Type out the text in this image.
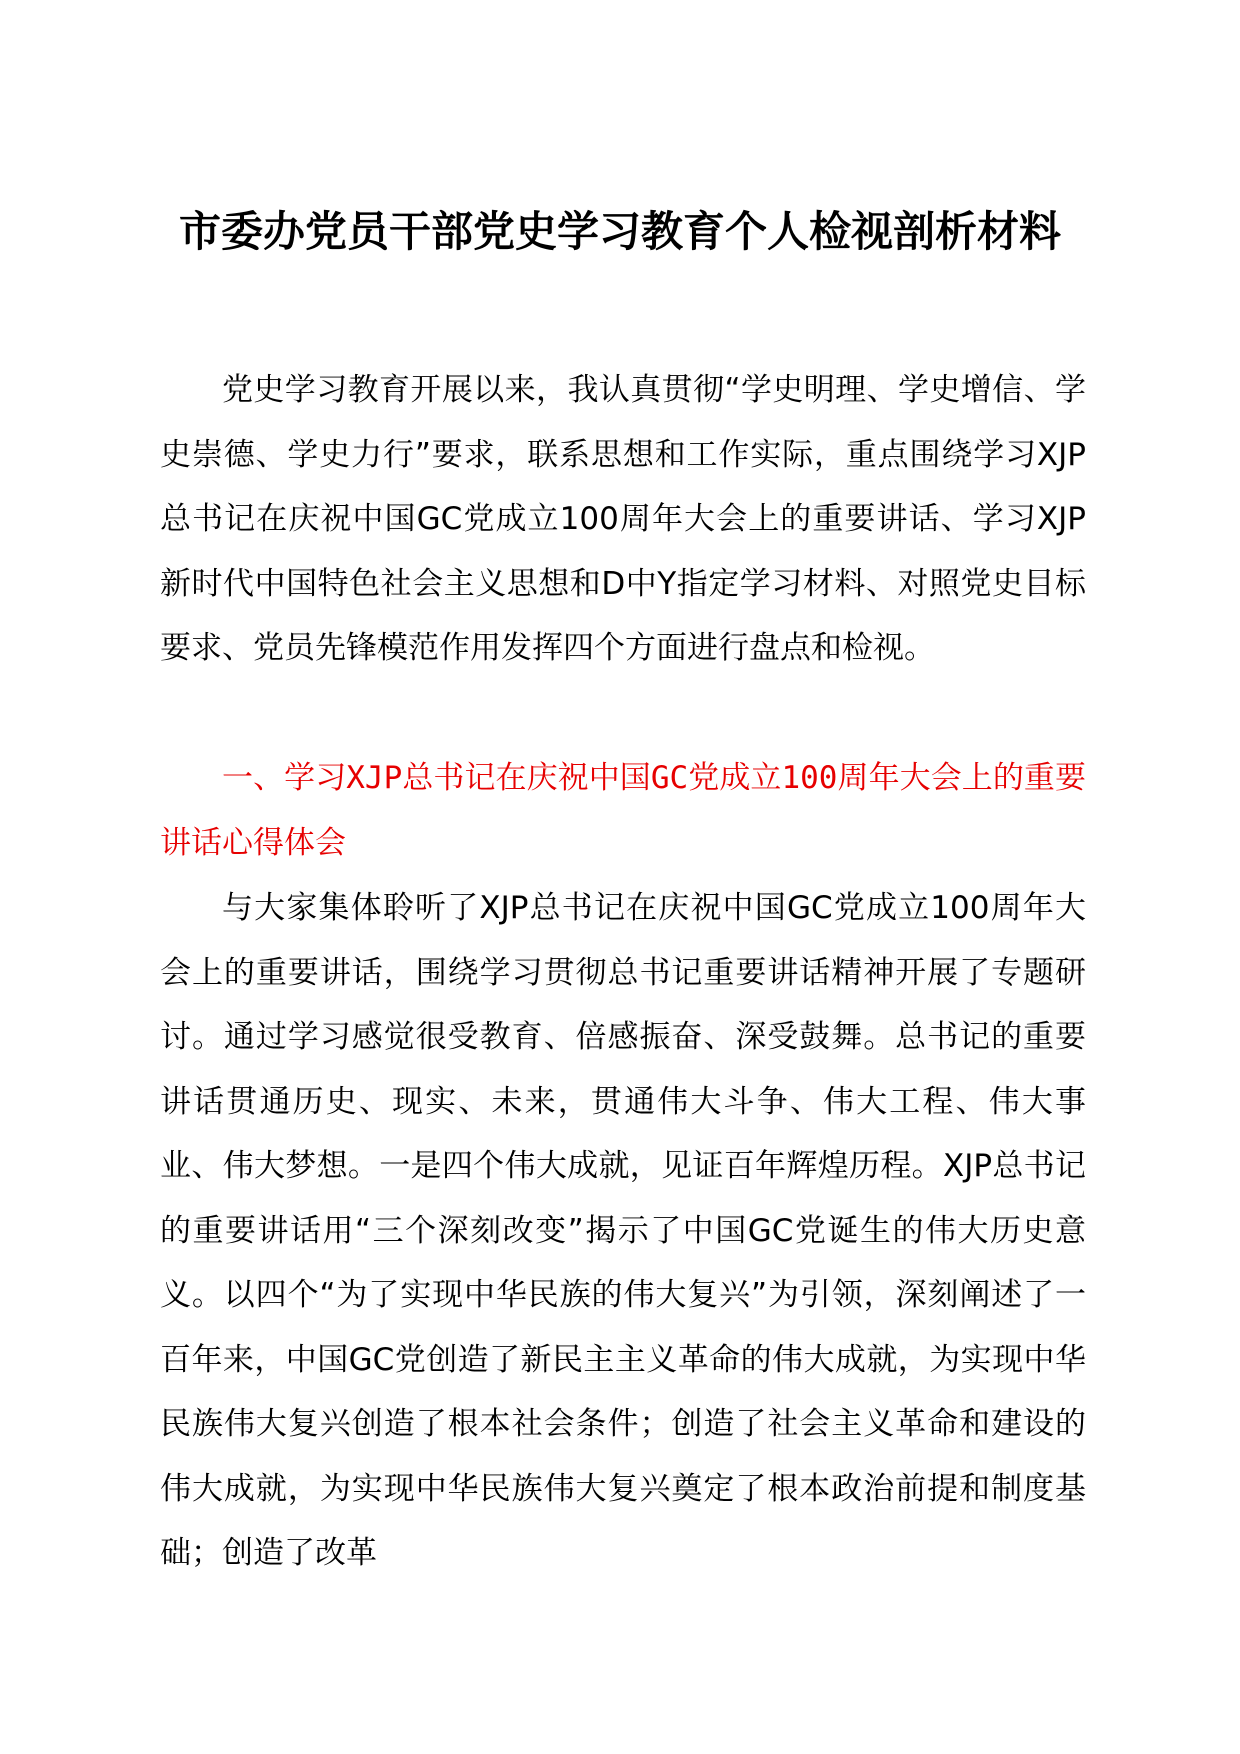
市委办党员干部党史学习教育个人检视剖析材料

党史学习教育开展以来，我认真贯彻“学史明理、学史增信、学史崇德、学史力行”要求，联系思想和工作实际，重点围绕学习XJP总书记在庆祝中国GC党成立100周年大会上的重要讲话、学习XJP新时代中国特色社会主义思想和D中Y指定学习材料、对照党史目标要求、党员先锋模范作用发挥四个方面进行盘点和检视。

一、学习XJP总书记在庆祝中国GC党成立100周年大会上的重要讲话心得体会

与大家集体聆听了XJP总书记在庆祝中国GC党成立100周年大会上的重要讲话，围绕学习贯彻总书记重要讲话精神开展了专题研讨。通过学习感觉很受教育、倍感振奋、深受鼓舞。总书记的重要讲话贯通历史、现实、未来，贯通伟大斗争、伟大工程、伟大事业、伟大梦想。一是四个伟大成就，见证百年辉煌历程。XJP总书记的重要讲话用“三个深刻改变”揭示了中国GC党诞生的伟大历史意义。以四个“为了实现中华民族的伟大复兴”为引领，深刻阐述了一百年来，中国GC党创造了新民主主义革命的伟大成就，为实现中华民族伟大复兴创造了根本社会条件；创造了社会主义革命和建设的伟大成就，为实现中华民族伟大复兴奠定了根本政治前提和制度基础；创造了改革
